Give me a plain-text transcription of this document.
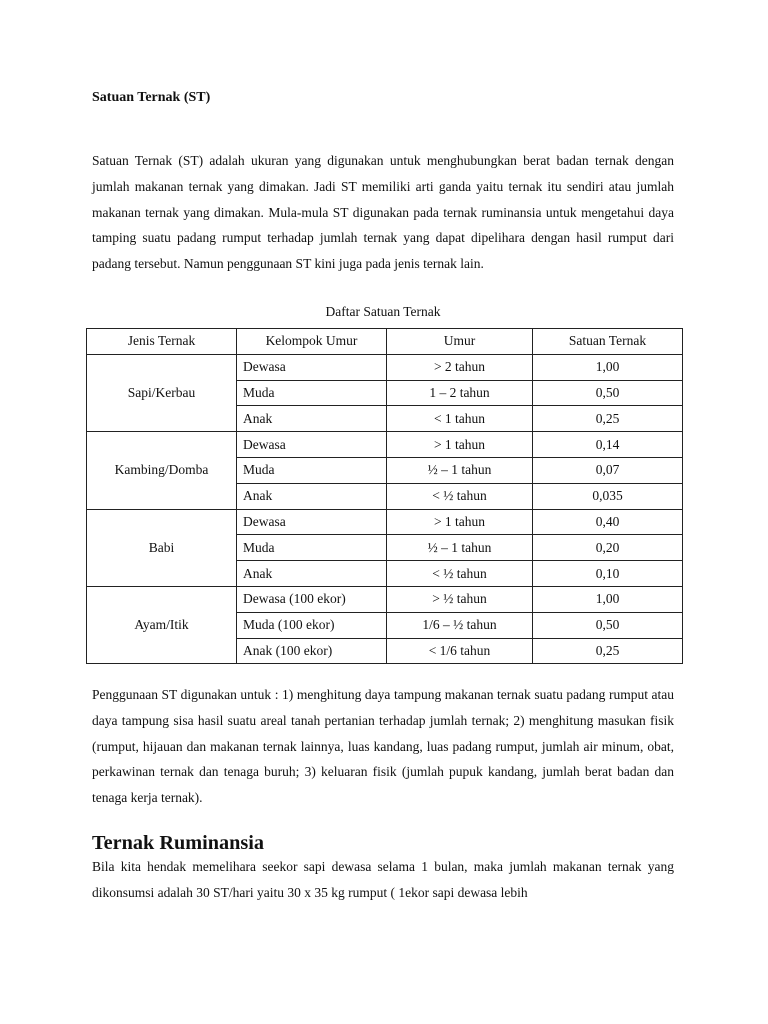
Satuan Ternak (ST)

Satuan Ternak (ST) adalah ukuran yang digunakan untuk menghubungkan berat badan ternak dengan jumlah makanan ternak yang dimakan. Jadi ST memiliki arti ganda yaitu ternak itu sendiri atau jumlah makanan ternak yang dimakan. Mula-mula ST digunakan pada ternak ruminansia untuk mengetahui daya tamping suatu padang rumput terhadap jumlah ternak yang dapat dipelihara dengan hasil rumput dari padang tersebut. Namun penggunaan ST kini juga pada jenis ternak lain.

Daftar Satuan Ternak

Jenis Ternak	Kelompok Umur	Umur	Satuan Ternak
Sapi/Kerbau	Dewasa	> 2 tahun	1,00
	Muda	1 – 2 tahun	0,50
	Anak	< 1 tahun	0,25
Kambing/Domba	Dewasa	> 1 tahun	0,14
	Muda	½ – 1 tahun	0,07
	Anak	< ½ tahun	0,035
Babi	Dewasa	> 1 tahun	0,40
	Muda	½ – 1 tahun	0,20
	Anak	< ½ tahun	0,10
Ayam/Itik	Dewasa (100 ekor)	> ½ tahun	1,00
	Muda (100 ekor)	1/6 – ½ tahun	0,50
	Anak (100 ekor)	< 1/6 tahun	0,25

Penggunaan ST digunakan untuk : 1) menghitung daya tampung makanan ternak suatu padang rumput atau daya tampung sisa hasil suatu areal tanah pertanian terhadap jumlah ternak; 2) menghitung masukan fisik (rumput, hijauan dan makanan ternak lainnya, luas kandang, luas padang rumput, jumlah air minum, obat, perkawinan ternak dan tenaga buruh; 3) keluaran fisik (jumlah pupuk kandang, jumlah berat badan dan tenaga kerja ternak).

Ternak Ruminansia

Bila kita hendak memelihara seekor sapi dewasa selama 1 bulan, maka jumlah makanan ternak yang dikonsumsi adalah 30 ST/hari yaitu 30 x 35 kg rumput ( 1ekor sapi dewasa lebih
